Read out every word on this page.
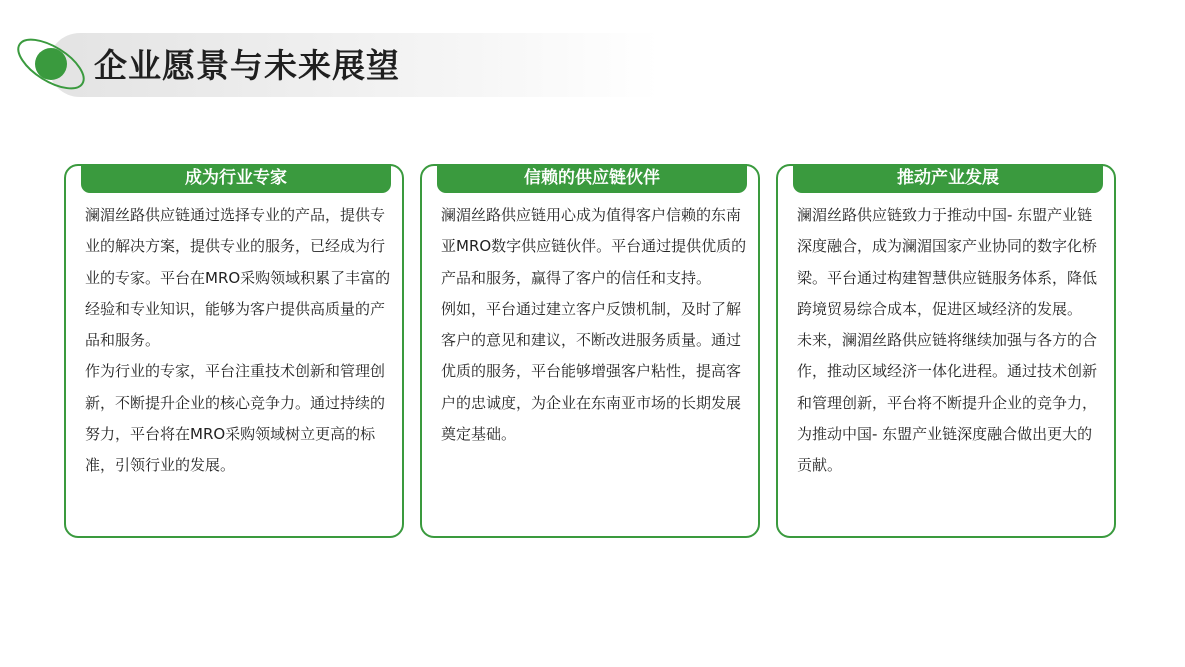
企业愿景与未来展望
成为行业专家

澜湄丝路供应链通过选择专业的产品，提供专业的解决方案，提供专业的服务，已经成为行业的专家。平台在MRO采购领域积累了丰富的经验和专业知识，能够为客户提供高质量的产品和服务。

作为行业的专家，平台注重技术创新和管理创新，不断提升企业的核心竞争力。通过持续的努力，平台将在MRO采购领域树立更高的标准，引领行业的发展。

信赖的供应链伙伴

澜湄丝路供应链用心成为值得客户信赖的东南亚MRO数字供应链伙伴。平台通过提供优质的产品和服务，赢得了客户的信任和支持。

例如，平台通过建立客户反馈机制，及时了解客户的意见和建议，不断改进服务质量。通过优质的服务，平台能够增强客户粘性，提高客户的忠诚度，为企业在东南亚市场的长期发展奠定基础。

推动产业发展

澜湄丝路供应链致力于推动中国- 东盟产业链深度融合，成为澜湄国家产业协同的数字化桥梁。平台通过构建智慧供应链服务体系，降低跨境贸易综合成本，促进区域经济的发展。

未来，澜湄丝路供应链将继续加强与各方的合作，推动区域经济一体化进程。通过技术创新和管理创新，平台将不断提升企业的竞争力，为推动中国- 东盟产业链深度融合做出更大的贡献。
